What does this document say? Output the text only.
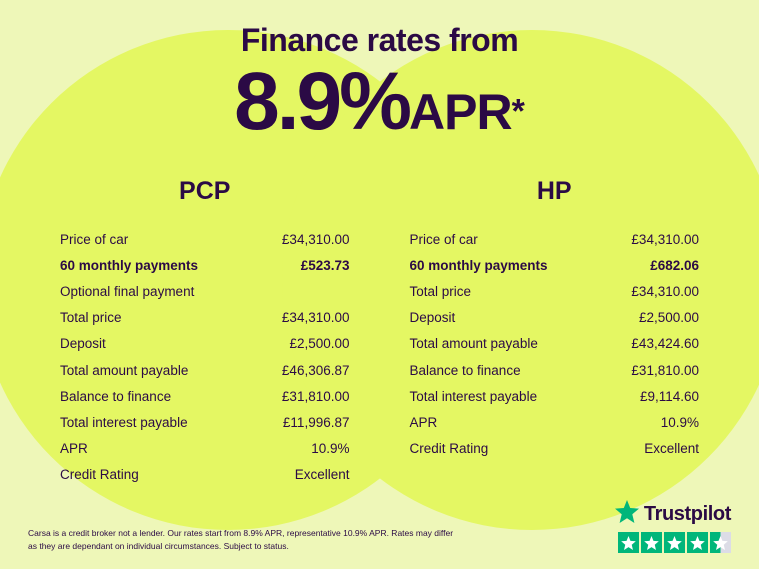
Finance rates from
8.9%APR*
PCP
Price of car	£34,310.00
60 monthly payments	£523.73
Optional final payment
Total price	£34,310.00
Deposit	£2,500.00
Total amount payable	£46,306.87
Balance to finance	£31,810.00
Total interest payable	£11,996.87
APR	10.9%
Credit Rating	Excellent
HP
Price of car	£34,310.00
60 monthly payments	£682.06
Total price	£34,310.00
Deposit	£2,500.00
Total amount payable	£43,424.60
Balance to finance	£31,810.00
Total interest payable	£9,114.60
APR	10.9%
Credit Rating	Excellent
Carsa is a credit broker not a lender. Our rates start from 8.9% APR, representative 10.9% APR. Rates may differ as they are dependant on individual circumstances. Subject to status.
Trustpilot
